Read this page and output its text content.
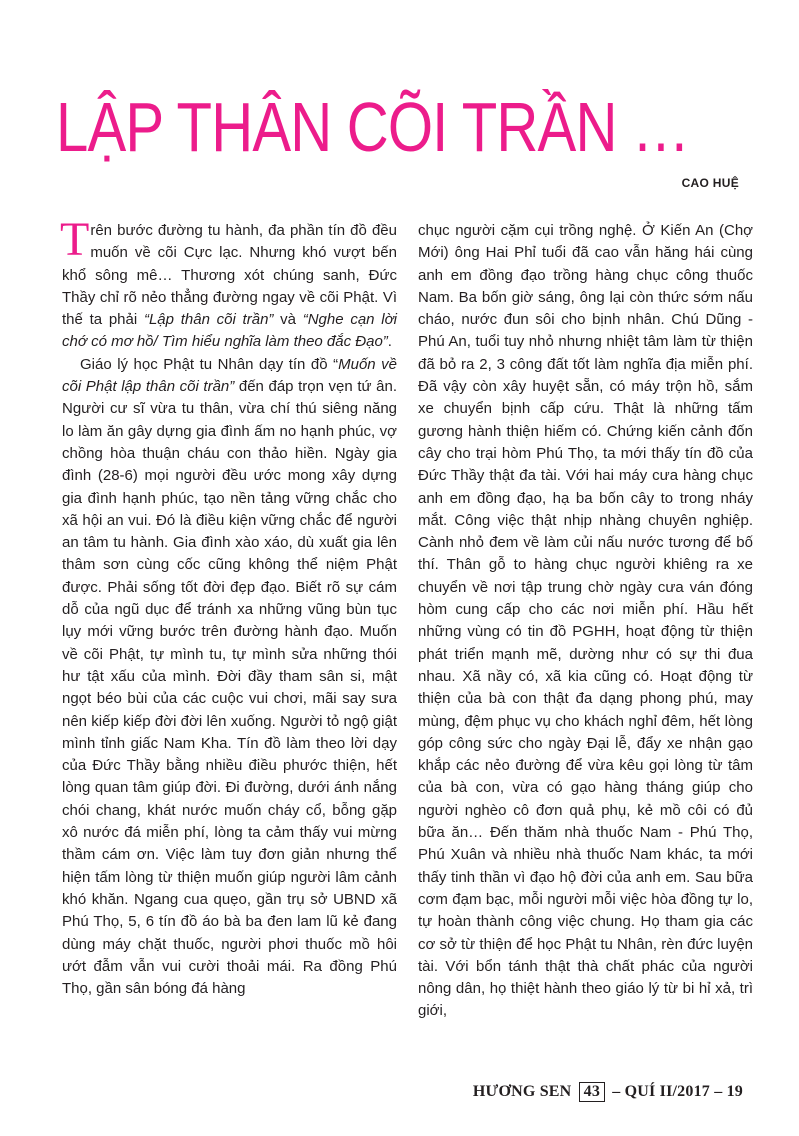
LẬP THÂN CÕI TRẦN …
CAO HUỆ

Trên bước đường tu hành, đa phần tín đồ đều muốn về cõi Cực lạc. Nhưng khó vượt bến khổ sông mê… Thương xót chúng sanh, Đức Thầy chỉ rõ nẻo thẳng đường ngay về cõi Phật. Vì thế ta phải “Lập thân cõi trần” và “Nghe cạn lời chớ có mơ hồ/ Tìm hiểu nghĩa làm theo đắc Đạo”.

Giáo lý học Phật tu Nhân dạy tín đồ “Muốn về cõi Phật lập thân cõi trần” đến đáp trọn vẹn tứ ân. Người cư sĩ vừa tu thân, vừa chí thú siêng năng lo làm ăn gây dựng gia đình ấm no hạnh phúc, vợ chồng hòa thuận cháu con thảo hiền. Ngày gia đình (28-6) mọi người đều ước mong xây dựng gia đình hạnh phúc, tạo nền tảng vững chắc cho xã hội an vui. Đó là điều kiện vững chắc để người an tâm tu hành. Gia đình xào xáo, dù xuất gia lên thâm sơn cùng cốc cũng không thể niệm Phật được. Phải sống tốt đời đẹp đạo. Biết rõ sự cám dỗ của ngũ dục để tránh xa những vũng bùn tục lụy mới vững bước trên đường hành đạo. Muốn về cõi Phật, tự mình tu, tự mình sửa những thói hư tật xấu của mình. Đời đầy tham sân si, mật ngọt béo bùi của các cuộc vui chơi, mãi say sưa nên kiếp kiếp đời đời lên xuống. Người tỏ ngộ giật mình tỉnh giấc Nam Kha. Tín đồ làm theo lời dạy của Đức Thầy bằng nhiều điều phước thiện, hết lòng quan tâm giúp đời. Đi đường, dưới ánh nắng chói chang, khát nước muốn cháy cổ, bỗng gặp xô nước đá miễn phí, lòng ta cảm thấy vui mừng thầm cám ơn. Việc làm tuy đơn giản nhưng thể hiện tấm lòng từ thiện muốn giúp người lâm cảnh khó khăn. Ngang cua quẹo, gần trụ sở UBND xã Phú Thọ, 5, 6 tín đồ áo bà ba đen lam lũ kẻ đang dùng máy chặt thuốc, người phơi thuốc mồ hôi ướt đẫm vẫn vui cười thoải mái. Ra đồng Phú Thọ, gần sân bóng đá hàng

chục người cặm cụi trồng nghệ. Ở Kiến An (Chợ Mới) ông Hai Phỉ tuổi đã cao vẫn hăng hái cùng anh em đồng đạo trồng hàng chục công thuốc Nam. Ba bốn giờ sáng, ông lại còn thức sớm nấu cháo, nước đun sôi cho bịnh nhân. Chú Dũng - Phú An, tuổi tuy nhỏ nhưng nhiệt tâm làm từ thiện đã bỏ ra 2, 3 công đất tốt làm nghĩa địa miễn phí. Đã vậy còn xây huyệt sẵn, có máy trộn hồ, sắm xe chuyển bịnh cấp cứu. Thật là những tấm gương hành thiện hiếm có. Chứng kiến cảnh đốn cây cho trại hòm Phú Thọ, ta mới thấy tín đồ của Đức Thầy thật đa tài. Với hai máy cưa hàng chục anh em đồng đạo, hạ ba bốn cây to trong nháy mắt. Công việc thật nhịp nhàng chuyên nghiệp. Cành nhỏ đem về làm củi nấu nước tương để bố thí. Thân gỗ to hàng chục người khiêng ra xe chuyển về nơi tập trung chờ ngày cưa ván đóng hòm cung cấp cho các nơi miễn phí. Hầu hết những vùng có tin đồ PGHH, hoạt động từ thiện phát triển mạnh mẽ, dường như có sự thi đua nhau. Xã nầy có, xã kia cũng có. Hoạt động từ thiện của bà con thật đa dạng phong phú, may mùng, đệm phục vụ cho khách nghỉ đêm, hết lòng góp công sức cho ngày Đại lễ, đẩy xe nhận gạo khắp các nẻo đường để vừa kêu gọi lòng từ tâm của bà con, vừa có gạo hàng tháng giúp cho người nghèo cô đơn quả phụ, kẻ mồ côi có đủ bữa ăn… Đến thăm nhà thuốc Nam - Phú Thọ, Phú Xuân và nhiều nhà thuốc Nam khác, ta mới thấy tinh thần vì đạo hộ đời của anh em. Sau bữa cơm đạm bạc, mỗi người mỗi việc hòa đồng tự lo, tự hoàn thành công việc chung. Họ tham gia các cơ sở từ thiện để học Phật tu Nhân, rèn đức luyện tài. Với bổn tánh thật thà chất phác của người nông dân, họ thiệt hành theo giáo lý từ bi hỉ xả, trì giới,

HƯƠNG SEN 43 – QUÍ II/2017 – 19
